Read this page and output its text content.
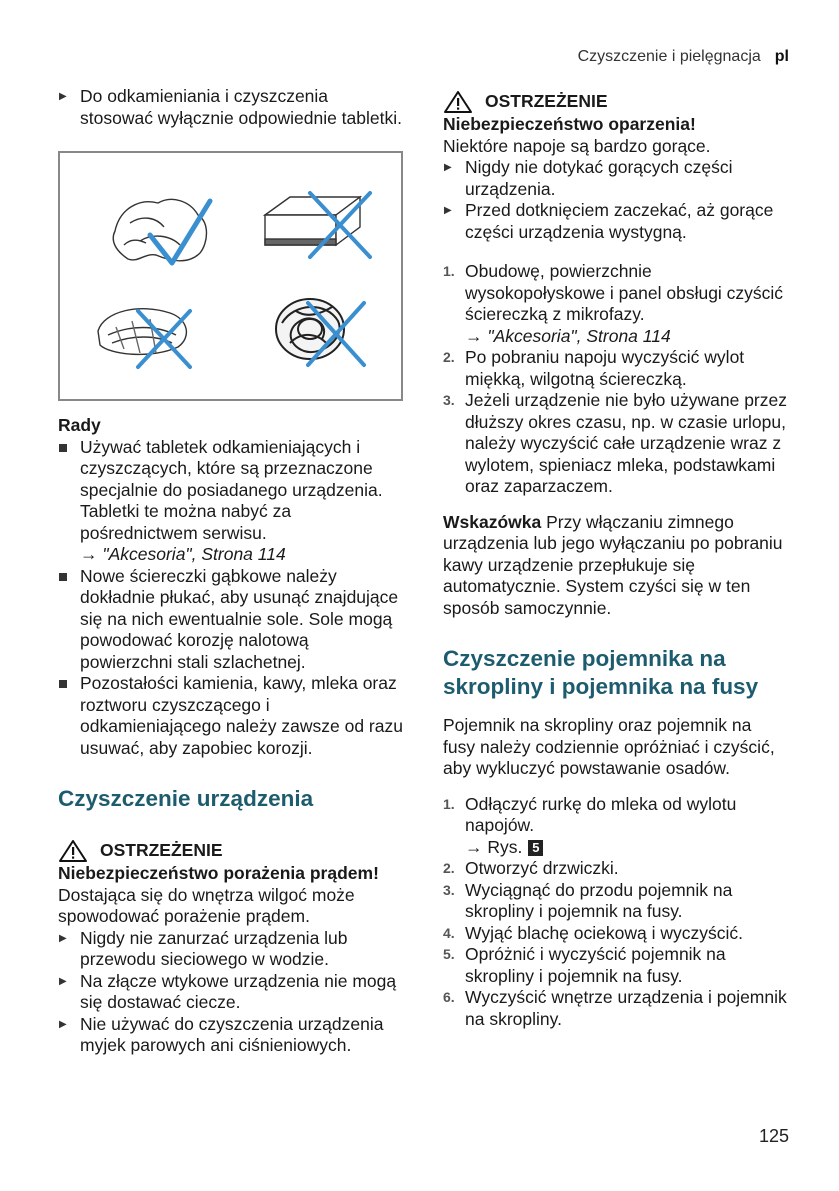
Czyszczenie i pielęgnacja pl
▶ Do odkamieniania i czyszczenia stosować wyłącznie odpowiednie tabletki.

Rady

Używać tabletek odkamieniających i czyszczących, które są przeznaczone specjalnie do posiadanego urządzenia. Tabletki te można nabyć za pośrednictwem serwisu.
→ "Akcesoria", Strona 114
Nowe ściereczki gąbkowe należy dokładnie płukać, aby usunąć znajdujące się na nich ewentualnie sole. Sole mogą powodować korozję nalotową powierzchni stali szlachetnej.
Pozostałości kamienia, kawy, mleka oraz roztworu czyszczącego i odkamieniającego należy zawsze od razu usuwać, aby zapobiec korozji.

Czyszczenie urządzenia

OSTRZEŻENIE

Niebezpieczeństwo porażenia prądem!

Dostająca się do wnętrza wilgoć może spowodować porażenie prądem.

▶ Nigdy nie zanurzać urządzenia lub przewodu sieciowego w wodzie.
▶ Na złącze wtykowe urządzenia nie mogą się dostawać ciecze.
▶ Nie używać do czyszczenia urządzenia myjek parowych ani ciśnieniowych.

OSTRZEŻENIE

Niebezpieczeństwo oparzenia!

Niektóre napoje są bardzo gorące.

▶ Nigdy nie dotykać gorących części urządzenia.
▶ Przed dotknięciem zaczekać, aż gorące części urządzenia wystygną.
1. Obudowę, powierzchnie wysokopołyskowe i panel obsługi czyścić ściereczką z mikrofazy.
→ "Akcesoria", Strona 114
2. Po pobraniu napoju wyczyścić wylot miękką, wilgotną ściereczką.
3. Jeżeli urządzenie nie było używane przez dłuższy okres czasu, np. w czasie urlopu, należy wyczyścić całe urządzenie wraz z wylotem, spieniacz mleka, podstawkami oraz zaparzaczem.

Wskazówka Przy włączaniu zimnego urządzenia lub jego wyłączaniu po pobraniu kawy urządzenie przepłukuje się automatycznie. System czyści się w ten sposób samoczynnie.

Czyszczenie pojemnika na skropliny i pojemnika na fusy

Pojemnik na skropliny oraz pojemnik na fusy należy codziennie opróżniać i czyścić, aby wykluczyć powstawanie osadów.

1. Odłączyć rurkę do mleka od wylotu napojów.
→ Rys. 5
2. Otworzyć drzwiczki.
3. Wyciągnąć do przodu pojemnik na skropliny i pojemnik na fusy.
4. Wyjąć blachę ociekową i wyczyścić.
5. Opróżnić i wyczyścić pojemnik na skropliny i pojemnik na fusy.
6. Wyczyścić wnętrze urządzenia i pojemnik na skropliny.
125
